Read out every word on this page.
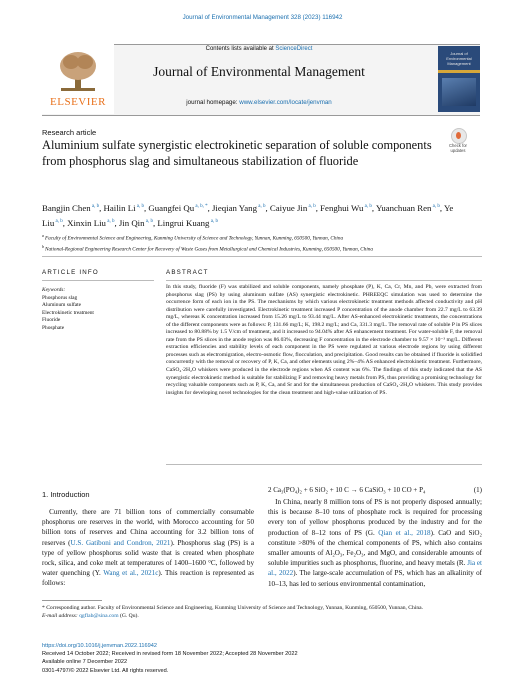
Journal of Environmental Management 328 (2023) 116942
ELSEVIER
Contents lists available at ScienceDirect
Journal of Environmental Management
journal homepage: www.elsevier.com/locate/jenvman
Journal of Environmental Management
Research article
Check for updates
Aluminium sulfate synergistic electrokinetic separation of soluble components from phosphorus slag and simultaneous stabilization of fluoride
Bangjin Chen $^{a, b}$, Hailin Li $^{a, b}$, Guangfei Qu $^{a, b, *}$, Jieqian Yang $^{a, b}$, Caiyue Jin $^{a, b}$, Fenghui Wu $^{a, b}$, Yuanchuan Ren $^{a, b}$, Ye Liu $^{a, b}$, Xinxin Liu $^{a, b}$, Jin Qin $^{a, b}$, Lingrui Kuang $^{a, b}$
$^a$ Faculty of Environmental Science and Engineering, Kunming University of Science and Technology, Yunnan, Kunming, 650500, Yunnan, China
$^b$ National-Regional Engineering Research Center for Recovery of Waste Gases from Metallurgical and Chemical Industries, Kunming, 650500, Yunnan, China
ARTICLE INFO	ABSTRACT
Keywords:
Phosphorus slag
Aluminum sulfate
Electrokinetic treatment
Fluoride
Phosphate
In this study, fluoride (F) was stabilized and soluble components, namely phosphate (P), K, Ca, Cr, Mn, and Pb, were extracted from phosphorus slag (PS) by using aluminum sulfate (AS) synergistic electrokinetic. PHREEQC simulation was used to determine the occurrence form of each ion in the PS. The mechanisms by which various electrokinetic treatment methods affected conductivity and pH distribution were carefully investigated. Electrokinetic treatment increased P concentration of the anode chamber from 22.7 mg/L to 63.39 mg/L, whereas K concentration increased from 15.26 mg/L to 93.44 mg/L. After AS-enhanced electrokinetic treatments, the concentrations of the different components were as follows: P, 131.66 mg/L; K, 198.2 mg/L; and Ca, 331.3 mg/L. The removal rate of soluble P in PS slices increased to 80.88% by 1.5 V/cm of treatment, and it increased to 94.04% after AS enhancement treatment. For water-soluble F, the removal rate from the PS slices in the anode region was 86.03%, decreasing F concentration in the electrode chamber to 9.57 × 10⁻³ mg/L. Different extraction efficiencies and stability levels of each component in the PS were regulated at various electrode regions by using different processes such as electromigration, electro-osmotic flow, flocculation, and precipitation. Good results can be obtained if fluoride is solidified concurrently with the removal or recovery of P, K, Ca, and other elements using 2%–4% AS enhanced electrokinetic treatment. Furthermore, CaSO₄·2H₂O whiskers were produced in the electrode regions when AS content was 6%. The findings of this study indicated that the AS synergistic electrokinetic method is suitable for stabilizing F and removing heavy metals from PS, thus providing a promising technology for recycling valuable components such as P, K, Ca, and Sr and for the simultaneous production of CaSO₄·2H₂O whiskers. This study provides insights for developing novel technologies for the clean treatment and high-value utilization of PS.
1. Introduction
 Currently, there are 71 billion tons of commercially consumable phosphorus ore reserves in the world, with Morocco accounting for 50 billion tons of reserves and China accounting for 3.2 billion tons of reserves (U.S. Gatiboni and Condron, 2021). Phosphorus slag (PS) is a type of yellow phosphorus solid waste that is created when phosphate rock, silica, and coke melt at temperatures of 1400–1600 °C, followed by water quenching (Y. Wang et al., 2021c). This reaction is represented as follows:
2 Ca₃(PO₄)₂ + 6 SiO₂ + 10 C → 6 CaSiO₃ + 10 CO + P₄	(1)
 In China, nearly 8 million tons of PS is not properly disposed annually; this is because 8–10 tons of phosphate rock is required for processing every ton of yellow phosphorus produced by the industry and for the production of 8–12 tons of PS (G. Qian et al., 2018). CaO and SiO₂ constitute >80% of the chemical components of PS, which also contains smaller amounts of Al₂O₃, Fe₂O₃, and MgO, and considerable amounts of soluble impurities such as phosphorus, fluorine, and heavy metals (R. Jia et al., 2022). The large-scale accumulation of PS, which has an alkalinity of 10–13, has led to serious environmental contamination,
* Corresponding author. Faculty of Environmental Science and Engineering, Kunming University of Science and Technology, Yunnan, Kunming, 650500, Yunnan, China.
E-mail address: qgflab@sina.com (G. Qu).
https://doi.org/10.1016/j.jenvman.2022.116942
Received 14 October 2022; Received in revised form 18 November 2022; Accepted 28 November 2022
Available online 7 December 2022
0301-4797/© 2022 Elsevier Ltd. All rights reserved.
